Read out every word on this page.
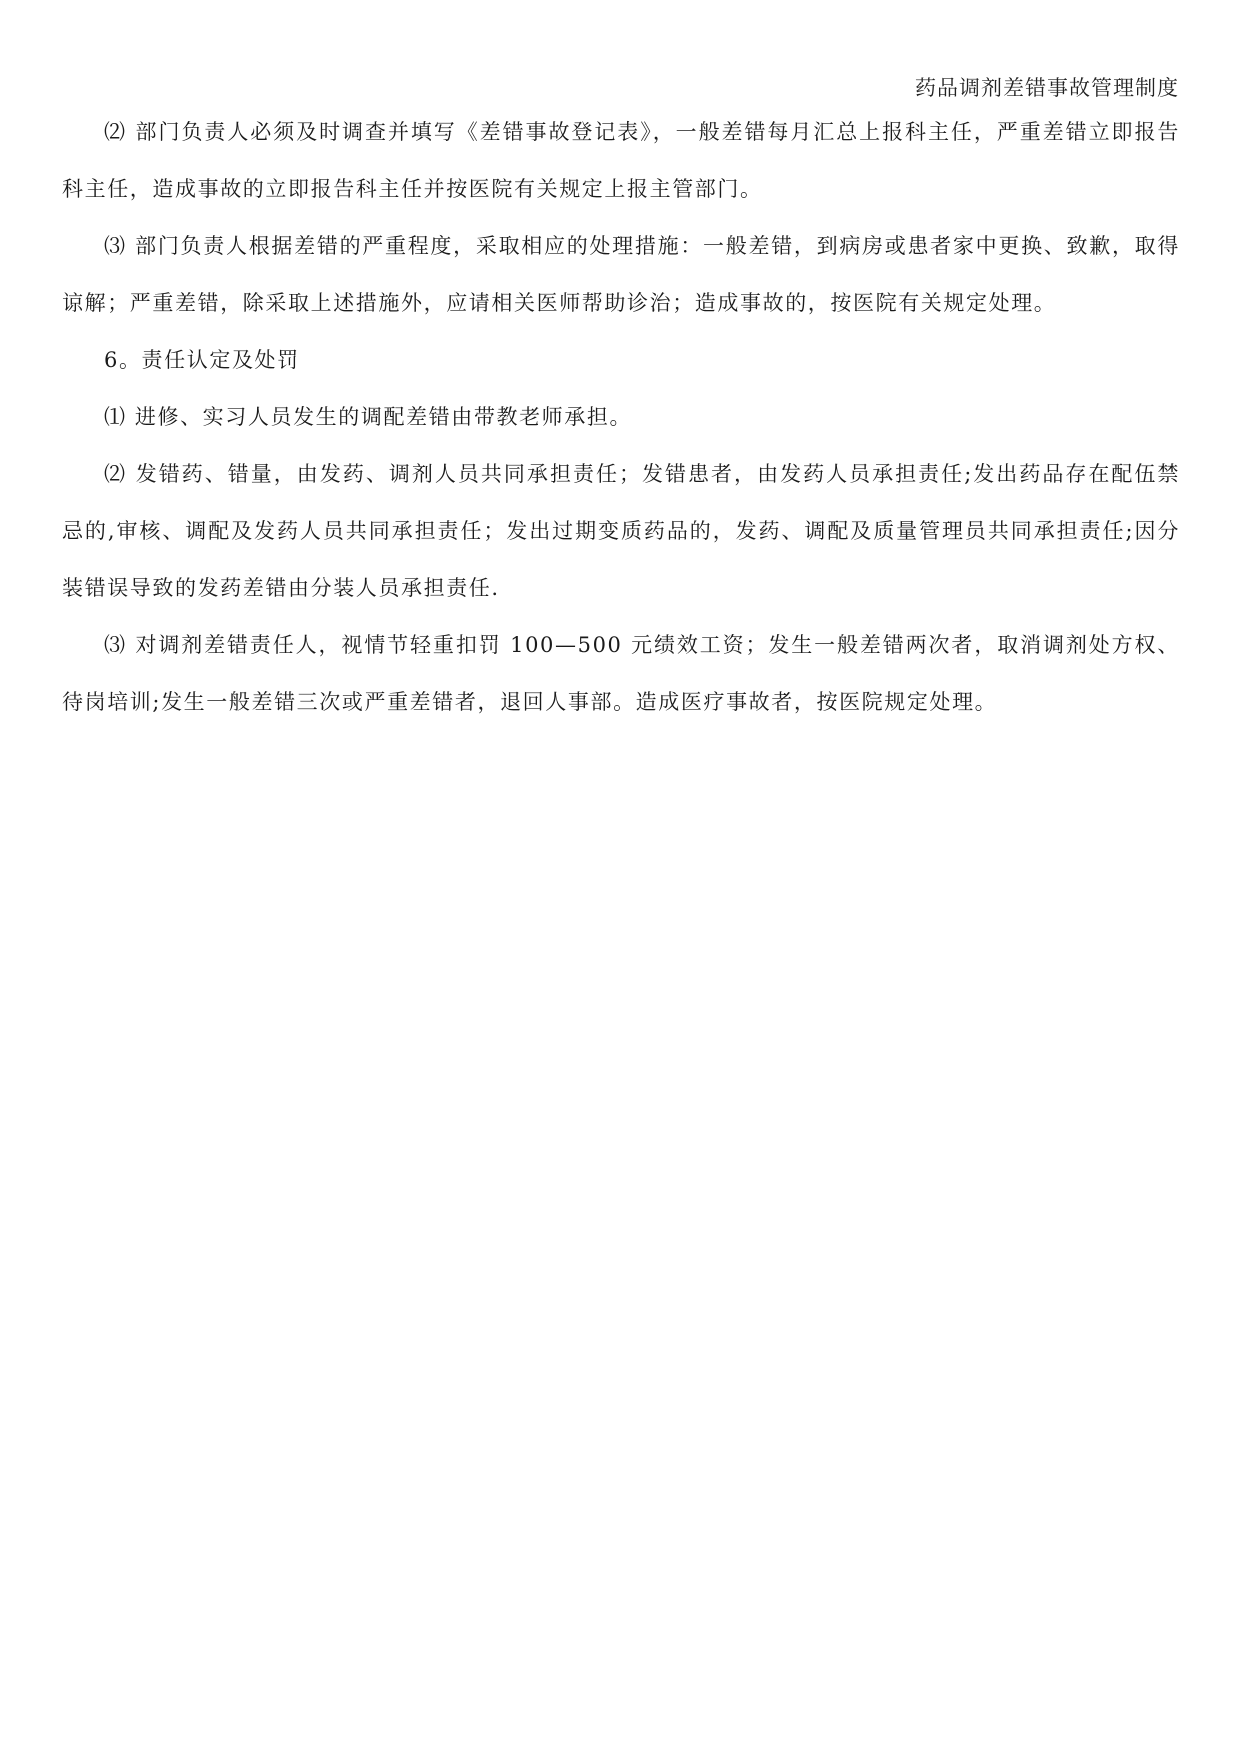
药品调剂差错事故管理制度

⑵ 部门负责人必须及时调查并填写《差错事故登记表》，一般差错每月汇总上报科主任，严重差错立即报告科主任，造成事故的立即报告科主任并按医院有关规定上报主管部门。

⑶ 部门负责人根据差错的严重程度，采取相应的处理措施：一般差错，到病房或患者家中更换、致歉，取得谅解；严重差错，除采取上述措施外，应请相关医师帮助诊治；造成事故的，按医院有关规定处理。

6。责任认定及处罚

⑴ 进修、实习人员发生的调配差错由带教老师承担。

⑵ 发错药、错量，由发药、调剂人员共同承担责任；发错患者，由发药人员承担责任;发出药品存在配伍禁忌的,审核、调配及发药人员共同承担责任；发出过期变质药品的，发药、调配及质量管理员共同承担责任;因分装错误导致的发药差错由分装人员承担责任.

⑶ 对调剂差错责任人，视情节轻重扣罚 100—500 元绩效工资；发生一般差错两次者，取消调剂处方权、待岗培训;发生一般差错三次或严重差错者，退回人事部。造成医疗事故者，按医院规定处理。
